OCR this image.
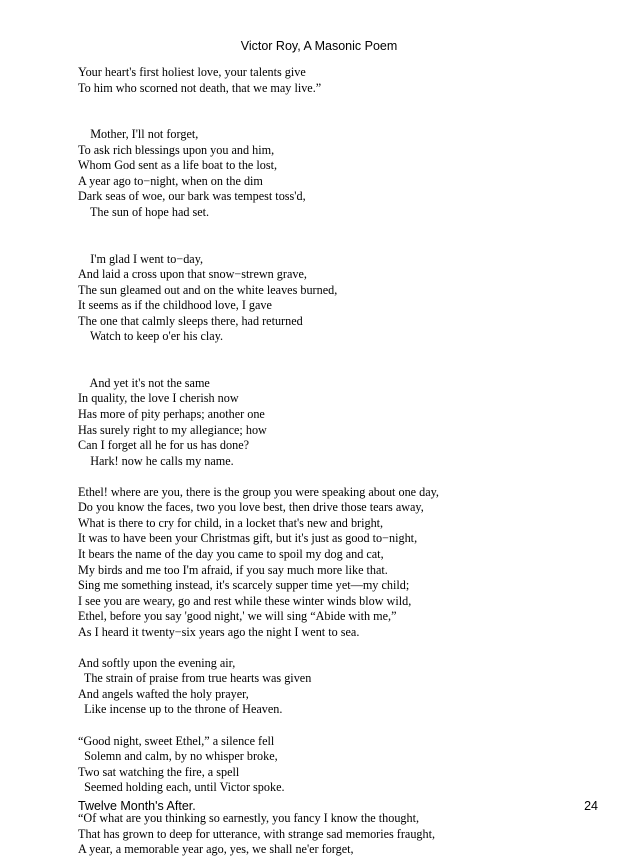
Victor Roy, A Masonic Poem
Your heart's first holiest love, your talents give
To him who scorned not death, that we may live.”
Mother, I'll not forget,
To ask rich blessings upon you and him,
Whom God sent as a life boat to the lost,
A year ago to−night, when on the dim
Dark seas of woe, our bark was tempest toss'd,
The sun of hope had set.
I'm glad I went to−day,
And laid a cross upon that snow−strewn grave,
The sun gleamed out and on the white leaves burned,
It seems as if the childhood love, I gave
The one that calmly sleeps there, had returned
Watch to keep o'er his clay.
And yet it's not the same
In quality, the love I cherish now
Has more of pity perhaps; another one
Has surely right to my allegiance; how
Can I forget all he for us has done?
Hark! now he calls my name.
Ethel! where are you, there is the group you were speaking about one day,
Do you know the faces, two you love best, then drive those tears away,
What is there to cry for child, in a locket that's new and bright,
It was to have been your Christmas gift, but it's just as good to−night,
It bears the name of the day you came to spoil my dog and cat,
My birds and me too I'm afraid, if you say much more like that.
Sing me something instead, it's scarcely supper time yet—my child;
I see you are weary, go and rest while these winter winds blow wild,
Ethel, before you say 'good night,' we will sing “Abide with me,”
As I heard it twenty−six years ago the night I went to sea.
And softly upon the evening air,
The strain of praise from true hearts was given
And angels wafted the holy prayer,
Like incense up to the throne of Heaven.
“Good night, sweet Ethel,” a silence fell
Solemn and calm, by no whisper broke,
Two sat watching the fire, a spell
Seemed holding each, until Victor spoke.
“Of what are you thinking so earnestly, you fancy I know the thought,
That has grown to deep for utterance, with strange sad memories fraught,
A year, a memorable year ago, yes, we shall ne'er forget,
Twelve Month's After.	24
